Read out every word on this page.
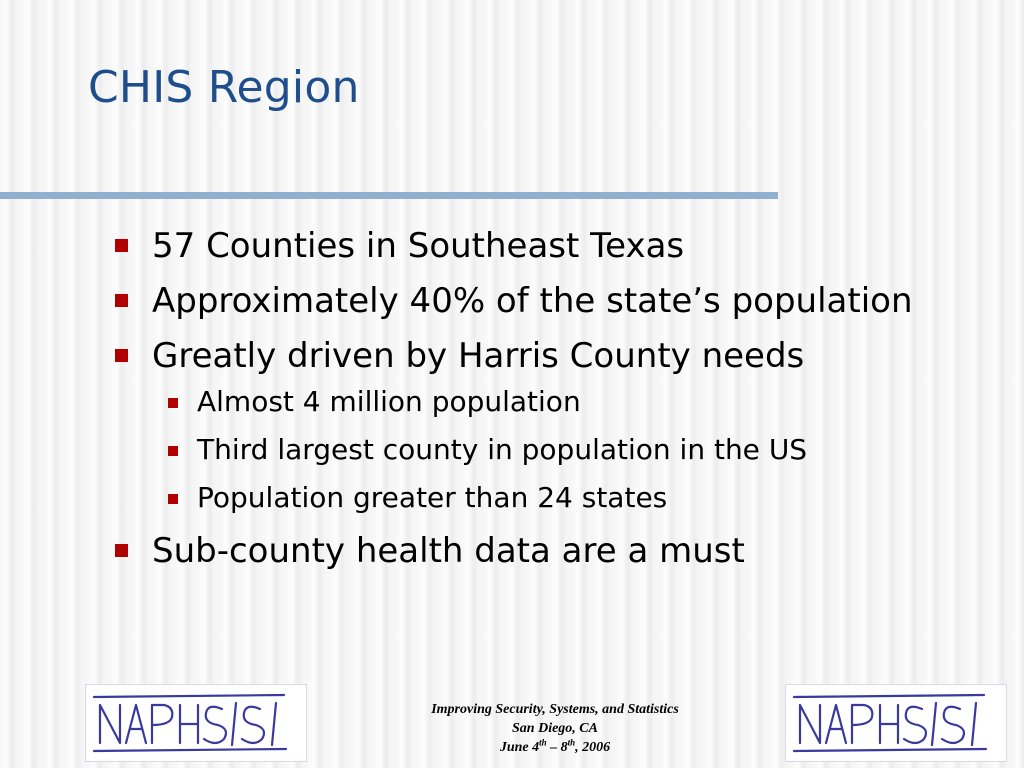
CHIS Region
57 Counties in Southeast Texas
Approximately 40% of the state’s population
Greatly driven by Harris County needs
Almost 4 million population
Third largest county in population in the US
Population greater than 24 states
Sub-county health data are a must
Improving Security, Systems, and Statistics
San Diego, CA
June 4th – 8th, 2006
